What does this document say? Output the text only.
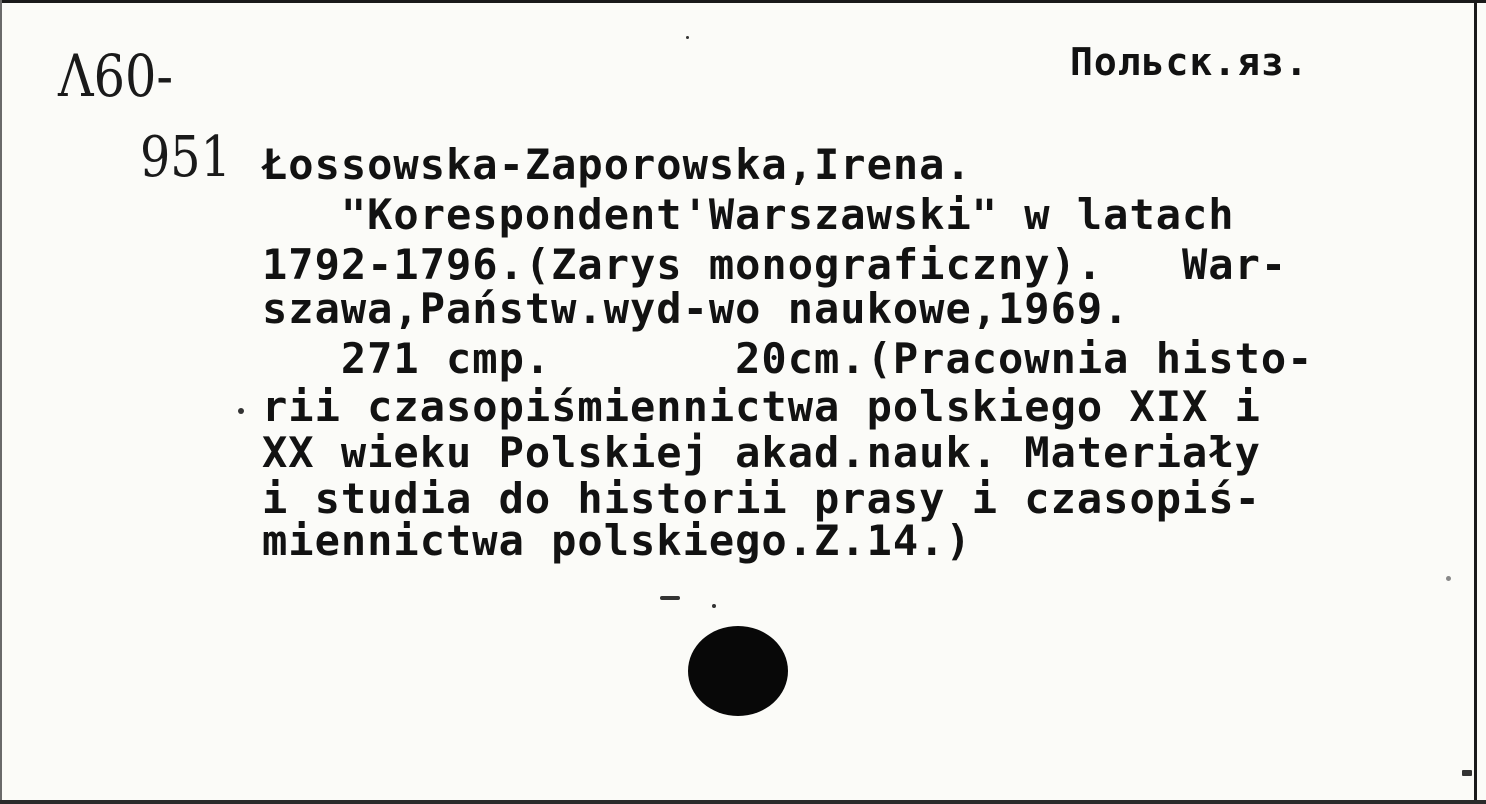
Λ60-
951
Польск.яз.
Łossowska-Zaporowska,Irena.
"Korespondent'Warszawski" w latach
1792-1796.(Zarys monograficzny).   War-
szawa,Państw.wyd-wo naukowe,1969.
271 cmp.       20cm.(Pracownia histo-
rii czasopiśmiennictwa polskiego XIX i
XX wieku Polskiej akad.nauk. Materiały
i studia do historii prasy i czasopiś-
miennictwa polskiego.Z.14.)
